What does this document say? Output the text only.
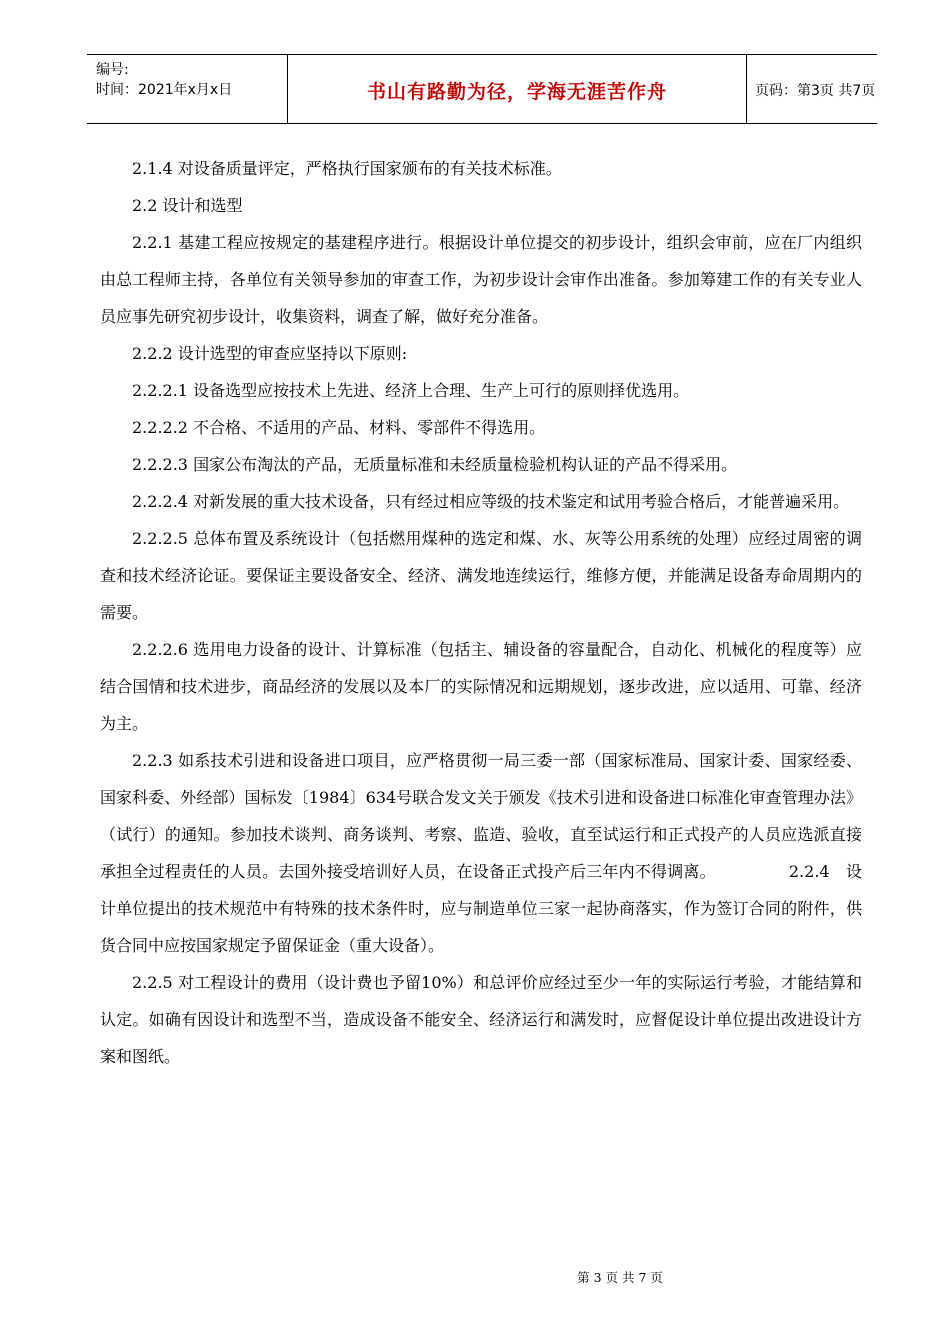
编号:
时间：2021年x月x日	书山有路勤为径，学海无涯苦作舟	页码：第3页 共7页

2.1.4 对设备质量评定，严格执行国家颁布的有关技术标准。

2.2 设计和选型

2.2.1 基建工程应按规定的基建程序进行。根据设计单位提交的初步设计，组织会审前，应在厂内组织由总工程师主持，各单位有关领导参加的审查工作，为初步设计会审作出准备。参加筹建工作的有关专业人员应事先研究初步设计，收集资料，调查了解，做好充分准备。

2.2.2 设计选型的审查应坚持以下原则:

2.2.2.1 设备选型应按技术上先进、经济上合理、生产上可行的原则择优选用。

2.2.2.2 不合格、不适用的产品、材料、零部件不得选用。

2.2.2.3 国家公布淘汰的产品，无质量标准和未经质量检验机构认证的产品不得采用。

2.2.2.4 对新发展的重大技术设备，只有经过相应等级的技术鉴定和试用考验合格后，才能普遍采用。

2.2.2.5 总体布置及系统设计（包括燃用煤种的选定和煤、水、灰等公用系统的处理）应经过周密的调查和技术经济论证。要保证主要设备安全、经济、满发地连续运行，维修方便，并能满足设备寿命周期内的需要。

2.2.2.6 选用电力设备的设计、计算标准（包括主、辅设备的容量配合，自动化、机械化的程度等）应结合国情和技术进步，商品经济的发展以及本厂的实际情况和远期规划，逐步改进，应以适用、可靠、经济为主。

2.2.3 如系技术引进和设备进口项目，应严格贯彻一局三委一部（国家标准局、国家计委、国家经委、国家科委、外经部）国标发〔1984〕634号联合发文关于颁发《技术引进和设备进口标准化审查管理办法》（试行）的通知。参加技术谈判、商务谈判、考察、监造、验收，直至试运行和正式投产的人员应选派直接承担全过程责任的人员。去国外接受培训好人员，在设备正式投产后三年内不得调离。　　　　　2.2.4　设计单位提出的技术规范中有特殊的技术条件时，应与制造单位三家一起协商落实，作为签订合同的附件，供货合同中应按国家规定予留保证金（重大设备）。

2.2.5 对工程设计的费用（设计费也予留10%）和总评价应经过至少一年的实际运行考验，才能结算和认定。如确有因设计和选型不当，造成设备不能安全、经济运行和满发时，应督促设计单位提出改进设计方案和图纸。

第 3 页 共 7 页
